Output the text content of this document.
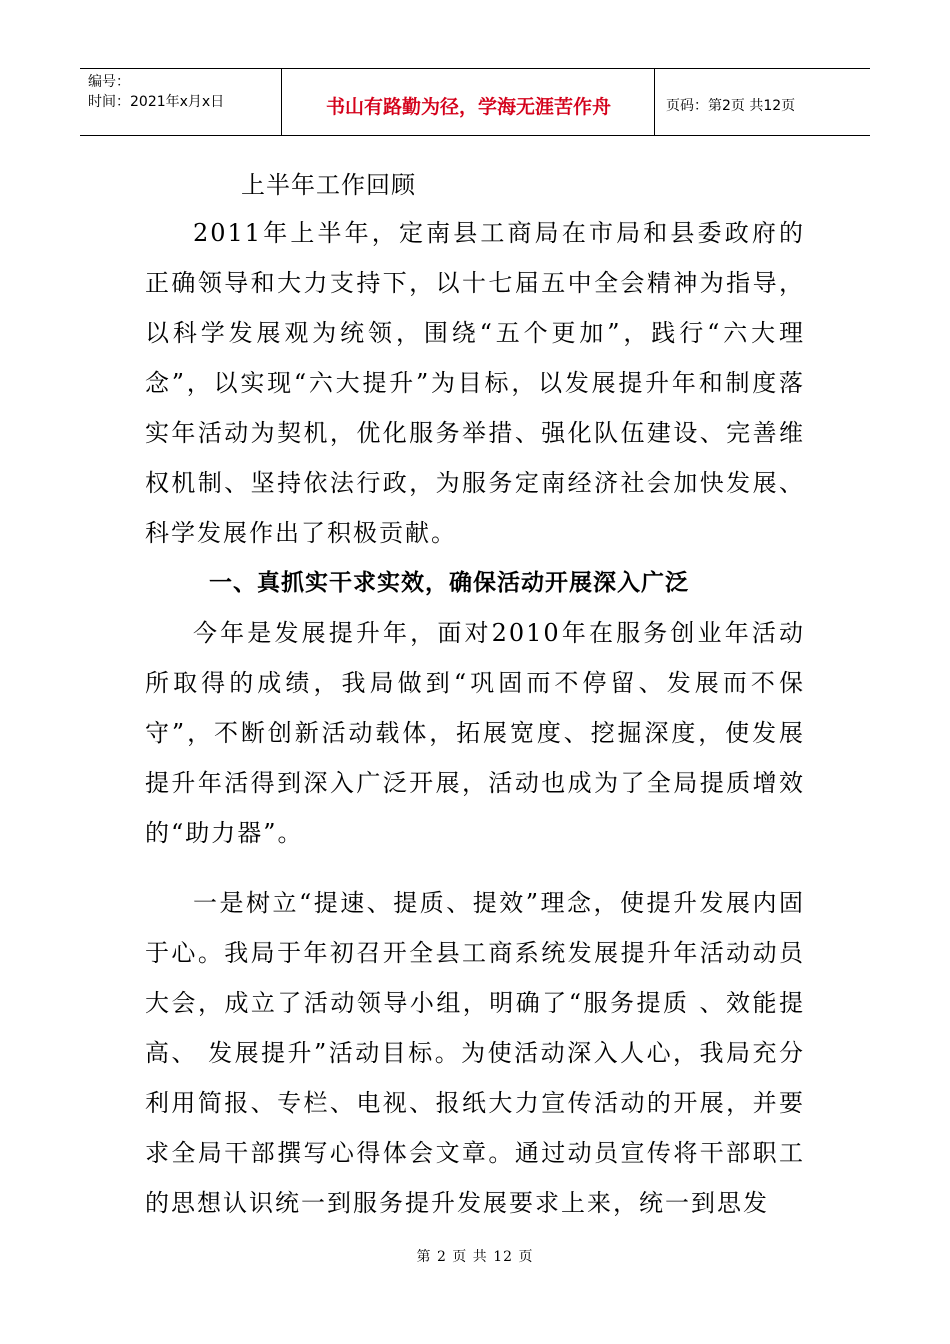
编号：
时间：2021年x月x日	书山有路勤为径，学海无涯苦作舟	页码：第2页 共12页
上半年工作回顾

2011年上半年，定南县工商局在市局和县委政府的正确领导和大力支持下，以十七届五中全会精神为指导，以科学发展观为统领，围绕“五个更加”，践行“六大理念”，以实现“六大提升”为目标，以发展提升年和制度落实年活动为契机，优化服务举措、强化队伍建设、完善维权机制、坚持依法行政，为服务定南经济社会加快发展、科学发展作出了积极贡献。

一、真抓实干求实效，确保活动开展深入广泛

今年是发展提升年，面对2010年在服务创业年活动所取得的成绩，我局做到“巩固而不停留、发展而不保守”，不断创新活动载体，拓展宽度、挖掘深度，使发展提升年活得到深入广泛开展，活动也成为了全局提质增效的“助力器”。

一是树立“提速、提质、提效”理念，使提升发展内固于心。我局于年初召开全县工商系统发展提升年活动动员大会，成立了活动领导小组，明确了“服务提质 、效能提高、 发展提升”活动目标。为使活动深入人心，我局充分利用简报、专栏、电视、报纸大力宣传活动的开展，并要求全局干部撰写心得体会文章。通过动员宣传将干部职工的思想认识统一到服务提升发展要求上来，统一到思发

第 2 页 共 12 页
